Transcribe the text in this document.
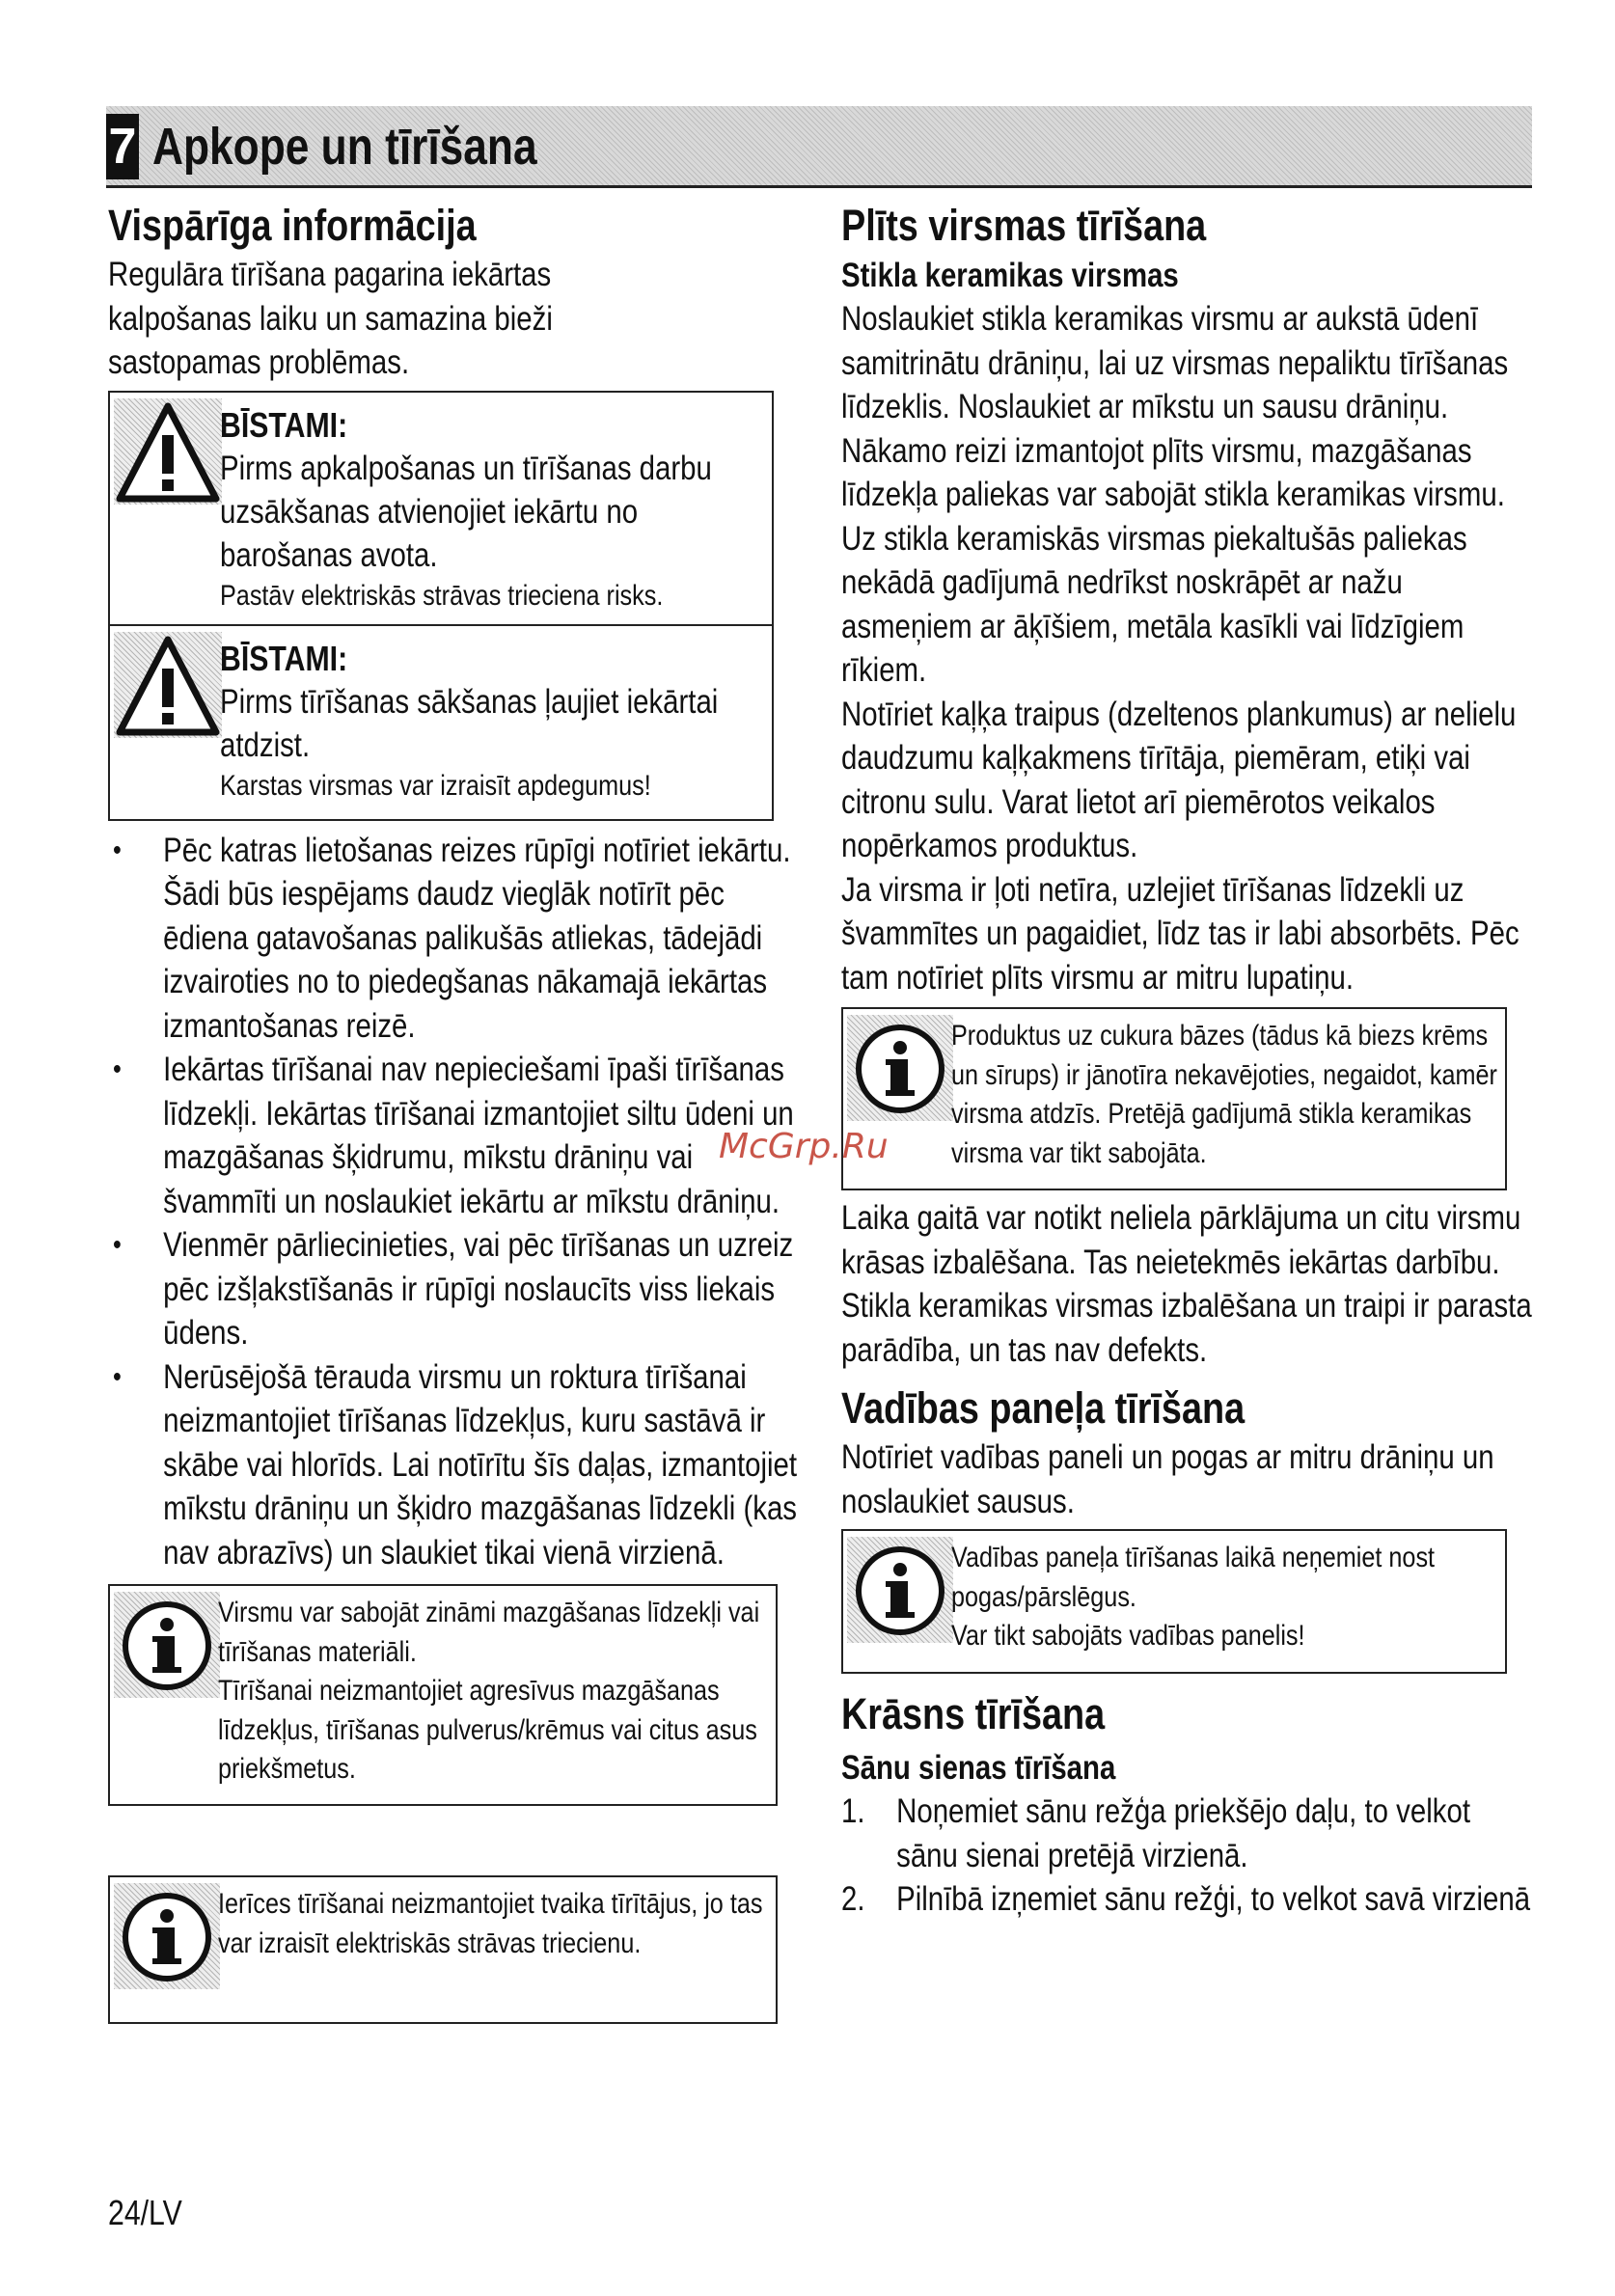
7 Apkope un tīrīšana
Vispārīga informācija

Regulāra tīrīšana pagarina iekārtas kalpošanas laiku un samazina bieži sastopamas problēmas.

BĪSTAMI:
Pirms apkalpošanas un tīrīšanas darbu uzsākšanas atvienojiet iekārtu no barošanas avota.
Pastāv elektriskās strāvas trieciena risks.
BĪSTAMI:
Pirms tīrīšanas sākšanas ļaujiet iekārtai atdzist.
Karstas virsmas var izraisīt apdegumus!
• Pēc katras lietošanas reizes rūpīgi notīriet iekārtu. Šādi būs iespējams daudz vieglāk notīrīt pēc ēdiena gatavošanas palikušās atliekas, tādejādi izvairoties no to piedegšanas nākamajā iekārtas izmantošanas reizē.
• Iekārtas tīrīšanai nav nepieciešami īpaši tīrīšanas līdzekļi. Iekārtas tīrīšanai izmantojiet siltu ūdeni un mazgāšanas šķidrumu, mīkstu drāniņu vai švammīti un noslaukiet iekārtu ar mīkstu drāniņu.
• Vienmēr pārliecinieties, vai pēc tīrīšanas un uzreiz pēc izšļakstīšanās ir rūpīgi noslaucīts viss liekais ūdens.
• Nerūsējošā tērauda virsmu un roktura tīrīšanai neizmantojiet tīrīšanas līdzekļus, kuru sastāvā ir skābe vai hlorīds. Lai notīrītu šīs daļas, izmantojiet mīkstu drāniņu un šķidro mazgāšanas līdzekli (kas nav abrazīvs) un slaukiet tikai vienā virzienā.

Virsmu var sabojāt zināmi mazgāšanas līdzekļi vai tīrīšanas materiāli.

Tīrīšanai neizmantojiet agresīvus mazgāšanas līdzekļus, tīrīšanas pulverus/krēmus vai citus asus priekšmetus.

Ierīces tīrīšanai neizmantojiet tvaika tīrītājus, jo tas var izraisīt elektriskās strāvas triecienu.

Plīts virsmas tīrīšana
Stikla keramikas virsmas

Noslaukiet stikla keramikas virsmu ar aukstā ūdenī samitrinātu drāniņu, lai uz virsmas nepaliktu tīrīšanas līdzeklis. Noslaukiet ar mīkstu un sausu drāniņu. Nākamo reizi izmantojot plīts virsmu, mazgāšanas līdzekļa paliekas var sabojāt stikla keramikas virsmu.

Uz stikla keramiskās virsmas piekaltušās paliekas nekādā gadījumā nedrīkst noskrāpēt ar nažu asmeņiem ar āķīšiem, metāla kasīkli vai līdzīgiem rīkiem.

Notīriet kaļķa traipus (dzeltenos plankumus) ar nelielu daudzumu kaļķakmens tīrītāja, piemēram, etiķi vai citronu sulu. Varat lietot arī piemērotos veikalos nopērkamos produktus.

Ja virsma ir ļoti netīra, uzlejiet tīrīšanas līdzekli uz švammītes un pagaidiet, līdz tas ir labi absorbēts. Pēc tam notīriet plīts virsmu ar mitru lupatiņu.

Produktus uz cukura bāzes (tādus kā biezs krēms un sīrups) ir jānotīra nekavējoties, negaidot, kamēr virsma atdzīs. Pretējā gadījumā stikla keramikas virsma var tikt sabojāta.

Laika gaitā var notikt neliela pārklājuma un citu virsmu krāsas izbalēšana. Tas neietekmēs iekārtas darbību.

Stikla keramikas virsmas izbalēšana un traipi ir parasta parādība, un tas nav defekts.

Vadības paneļa tīrīšana

Notīriet vadības paneli un pogas ar mitru drāniņu un noslaukiet sausus.

Vadības paneļa tīrīšanas laikā neņemiet nost pogas/pārslēgus.

Var tikt sabojāts vadības panelis!

Krāsns tīrīšana
Sānu sienas tīrīšana
1. Noņemiet sānu režģa priekšējo daļu, to velkot sānu sienai pretējā virzienā.
2. Pilnībā izņemiet sānu režģi, to velkot savā virzienā
McGrp.Ru
24/LV
